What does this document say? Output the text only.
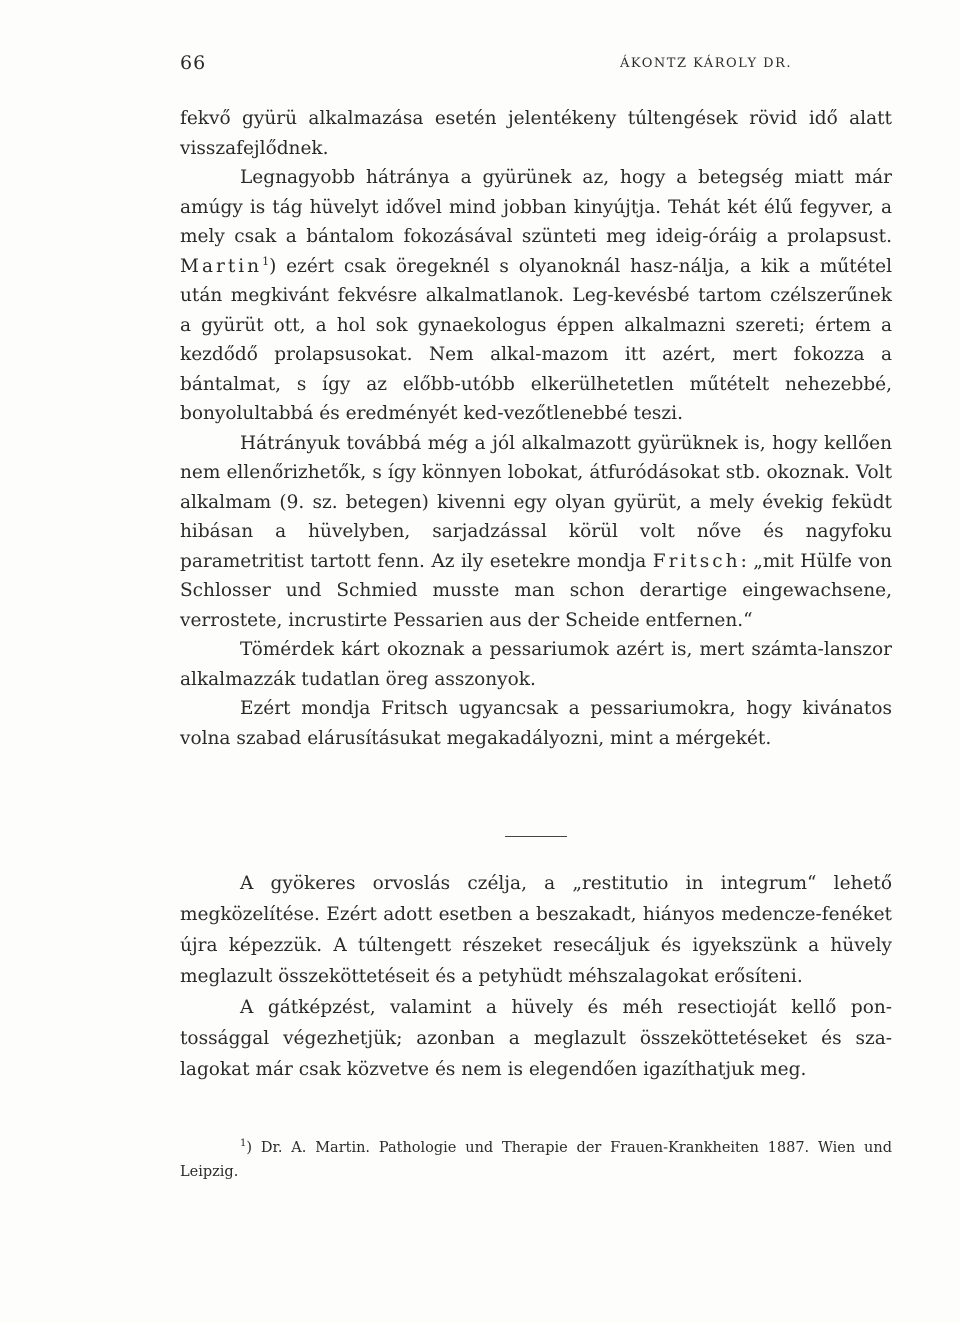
66	ÁKONTZ KÁROLY DR.

fekvő gyürü alkalmazása esetén jelentékeny túltengések rövid idő alatt visszafejlődnek.

Legnagyobb hátránya a gyürünek az, hogy a betegség miatt már amúgy is tág hüvelyt idővel mind jobban kinyújtja. Tehát két élű fegyver, a mely csak a bántalom fokozásával szünteti meg ideig-óráig a prolapsust. Martin$^1$) ezért csak öregeknél s olyanoknál hasz-nálja, a kik a műtétel után megkivánt fekvésre alkalmatlanok. Leg-kevésbé tartom czélszerűnek a gyürüt ott, a hol sok gynaekologus éppen alkalmazni szereti; értem a kezdődő prolapsusokat. Nem alkal-mazom itt azért, mert fokozza a bántalmat, s így az előbb-utóbb elkerülhetetlen műtételt nehezebbé, bonyolultabbá és eredményét ked-vezőtlenebbé teszi.

Hátrányuk továbbá még a jól alkalmazott gyürüknek is, hogy kellően nem ellenőrizhetők, s így könnyen lobokat, átfuródásokat stb. okoznak. Volt alkalmam (9. sz. betegen) kivenni egy olyan gyürüt, a mely évekig feküdt hibásan a hüvelyben, sarjadzással körül volt nőve és nagyfoku parametritist tartott fenn. Az ily esetekre mondja Fritsch: „mit Hülfe von Schlosser und Schmied musste man schon derartige eingewachsene, verrostete, incrustirte Pessarien aus der Scheide entfernen.“

Tömérdek kárt okoznak a pessariumok azért is, mert számta-lanszor alkalmazzák tudatlan öreg asszonyok.

Ezért mondja Fritsch ugyancsak a pessariumokra, hogy kivánatos volna szabad elárusításukat megakadályozni, mint a mérgekét.

A gyökeres orvoslás czélja, a „restitutio in integrum“ lehető megközelítése. Ezért adott esetben a beszakadt, hiányos medencze-fenéket újra képezzük. A túltengett részeket resecáljuk és igyekszünk a hüvely meglazult összeköttetéseit és a petyhüdt méhszalagokat erősíteni.

A gátképzést, valamint a hüvely és méh resectioját kellő pon-tossággal végezhetjük; azonban a meglazult összeköttetéseket és sza-lagokat már csak közvetve és nem is elegendően igazíthatjuk meg.

$^1$) Dr. A. Martin. Pathologie und Therapie der Frauen-Krankheiten 1887. Wien und Leipzig.
